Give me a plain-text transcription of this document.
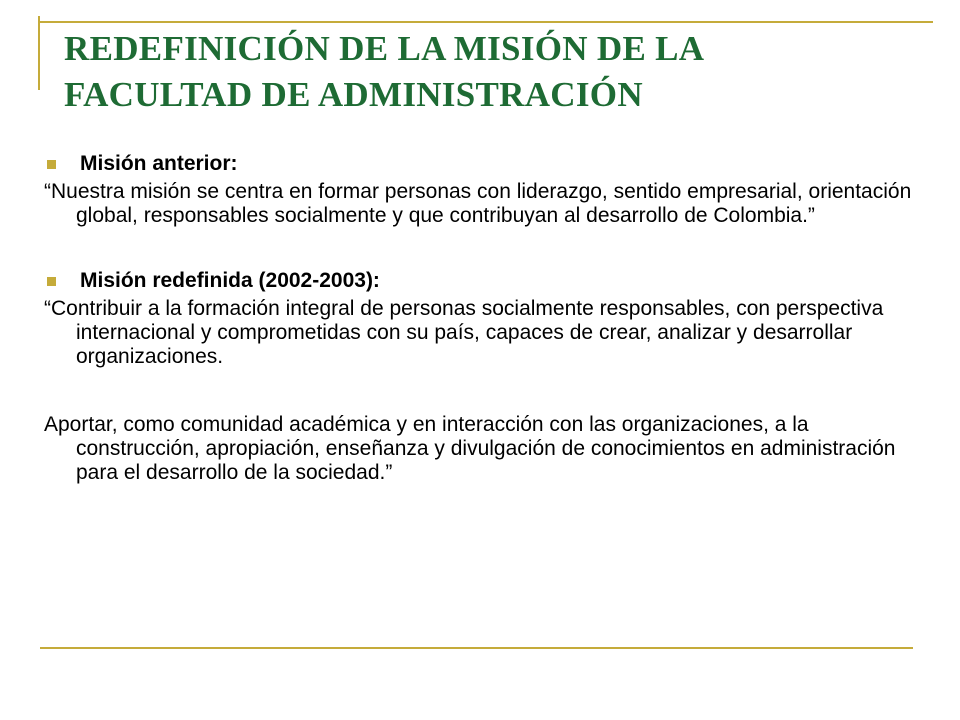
REDEFINICIÓN DE LA MISIÓN DE LA
FACULTAD DE ADMINISTRACIÓN

Misión anterior:

“Nuestra misión se centra en formar personas con liderazgo, sentido empresarial, orientación global, responsables socialmente y que contribuyan al desarrollo de Colombia.”

Misión redefinida (2002-2003):

“Contribuir a la formación integral de personas socialmente responsables, con perspectiva internacional y comprometidas con su país, capaces de crear, analizar y desarrollar organizaciones.

Aportar, como comunidad académica y en interacción con las organizaciones, a la construcción, apropiación, enseñanza y divulgación de conocimientos en administración para el desarrollo de la sociedad.”
